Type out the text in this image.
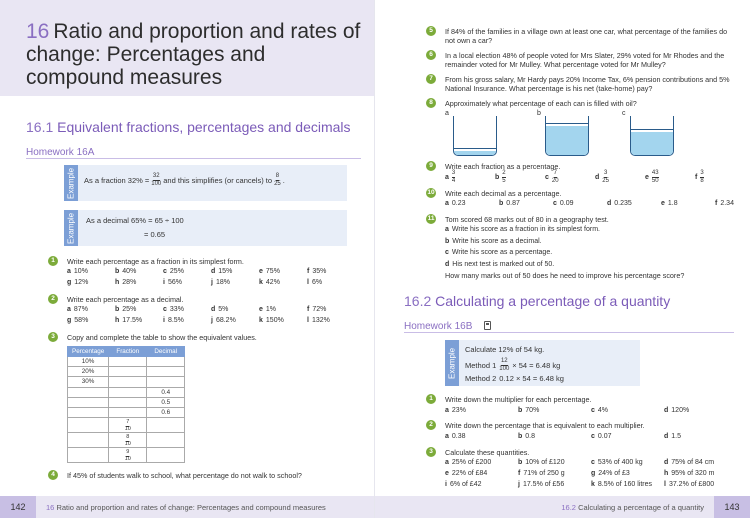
16 Ratio and proportion and rates of change: Percentages and compound measures
16.1 Equivalent fractions, percentages and decimals
Homework 16A
Example	As a fraction $32\% = \frac{32}{100}$ and this simplifies (or cancels) to $\frac{8}{25}$ .
Example	As a decimal 65% = 65 ÷ 100
= 0.65
1	Write each percentage as a fraction in its simplest form.
a 10%	b 40%	c 25%	d 15%	e 75%	f 35%
g 12%	h 28%	i 56%	j 18%	k 42%	l 6%
2	Write each percentage as a decimal.
a 87%	b 25%	c 33%	d 5%	e 1%	f 72%
g 58%	h 17.5%	i 8.5%	j 68.2%	k 150%	l 132%
3	Copy and complete the table to show the equivalent values.
Percentage	Fraction	Decimal
10%		
20%		
30%		
		0.4
		0.5
		0.6

	$\frac{7}{10}$

	$\frac{8}{10}$

	$\frac{9}{10}$

4	If 45% of students walk to school, what percentage do not walk to school?
142	16 Ratio and proportion and rates of change: Percentages and compound measures
5	If 84% of the families in a village own at least one car, what percentage of the families do not own a car?
6	In a local election 48% of people voted for Mrs Slater, 29% voted for Mr Rhodes and the remainder voted for Mr Mulley. What percentage voted for Mr Mulley?
7	From his gross salary, Mr Hardy pays 20% Income Tax, 6% pension contributions and 5% National Insurance. What percentage is his net (take-home) pay?
8	Approximately what percentage of each can is filled with oil?
a	b	c
9	Write each fraction as a percentage.
a
3
4	b
2
5	c
7
20	d
3
25	e
43
50	f
3
8
10 Write each decimal as a percentage.
a 0.23	b 0.87	c 0.09	d 0.235	e 1.8	f 2.34
11 Tom scored 68 marks out of 80 in a geography test.
a Write his score as a fraction in its simplest form.
b Write his score as a decimal.
c Write his score as a percentage.
d His next test is marked out of 50.
How many marks out of 50 does he need to improve his percentage score?
16.2 Calculating a percentage of a quantity
Homework 16B
Example	Calculate 12% of 54 kg.
Method $1 \frac{12}{100} \times 54 = 6.48$ kg
Method 2 0.12 × 54 = 6.48 kg
1	Write down the multiplier for each percentage.
a 23%	b 70%	c 4%	d 120%
2	Write down the percentage that is equivalent to each multiplier.
a 0.38	b 0.8	c 0.07	d 1.5
3	Calculate these quantities.
a 25% of £200	b 10% of £120	c 53% of 400 kg	d 75% of 84 cm
e 22% of £84	f 71% of 250 g	g 24% of £3	h 95% of 320 m
i 6% of £42	j 17.5% of £56	k 8.5% of 160 litres l 37.2% of £800
16.2 Calculating a percentage of a quantity	143
